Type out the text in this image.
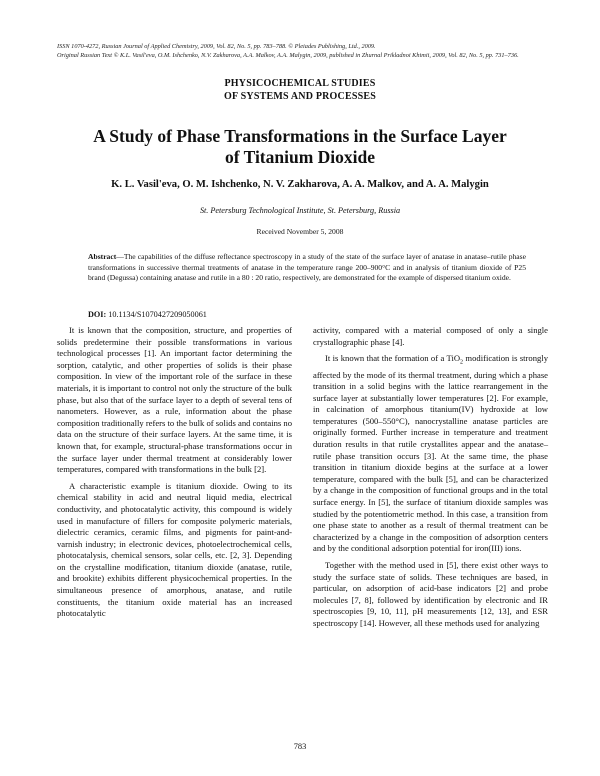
ISSN 1070-4272, Russian Journal of Applied Chemistry, 2009, Vol. 82, No. 5, pp. 783–788. © Pleiades Publishing, Ltd., 2009.
Original Russian Text © K.L. Vasil'eva, O.M. Ishchenko, N.V. Zakharova, A.A. Malkov, A.A. Malygin, 2009, published in Zhurnal Prikladnoi Khimii, 2009, Vol. 82, No. 5, pp. 731–736.
PHYSICOCHEMICAL STUDIES
OF SYSTEMS AND PROCESSES
A Study of Phase Transformations in the Surface Layer
of Titanium Dioxide
K. L. Vasil'eva, O. M. Ishchenko, N. V. Zakharova, A. A. Malkov, and A. A. Malygin
St. Petersburg Technological Institute, St. Petersburg, Russia
Received November 5, 2008
Abstract—The capabilities of the diffuse reflectance spectroscopy in a study of the state of the surface layer of anatase in anatase–rutile phase transformations in successive thermal treatments of anatase in the temperature range 200–900°C and in analysis of titanium dioxide of P25 brand (Degussa) containing anatase and rutile in a 80 : 20 ratio, respectively, are demonstrated for the example of dispersed titanium oxide.
DOI: 10.1134/S1070427209050061

It is known that the composition, structure, and properties of solids predetermine their possible transformations in various technological processes [1]. An important factor determining the sorption, catalytic, and other properties of solids is their phase composition. In view of the important role of the surface in these materials, it is important to control not only the structure of the bulk phase, but also that of the surface layer to a depth of several tens of nanometers. However, as a rule, information about the phase composition traditionally refers to the bulk of solids and contains no data on the structure of their surface layers. At the same time, it is known that, for example, structural-phase transformations occur in the surface layer under thermal treatment at considerably lower temperatures, compared with transformations in the bulk [2].

A characteristic example is titanium dioxide. Owing to its chemical stability in acid and neutral liquid media, electrical conductivity, and photocatalytic activity, this compound is widely used in manufacture of fillers for composite polymeric materials, dielectric ceramics, ceramic films, and pigments for paint-and-varnish industry; in electronic devices, photoelectrochemical cells, photocatalysis, chemical sensors, solar cells, etc. [2, 3]. Depending on the crystalline modification, titanium dioxide (anatase, rutile, and brookite) exhibits different physicochemical properties. In the simultaneous presence of amorphous, anatase, and rutile constituents, the titanium oxide material has an increased photocatalytic

activity, compared with a material composed of only a single crystallographic phase [4].

It is known that the formation of a TiO$_2$ modification is strongly affected by the mode of its thermal treatment, during which a phase transition in a solid begins with the lattice rearrangement in the surface layer at substantially lower temperatures [2]. For example, in calcination of amorphous titanium(IV) hydroxide at low temperatures (500–550°C), nanocrystalline anatase particles are originally formed. Further increase in temperature and treatment duration results in that rutile crystallites appear and the anatase–rutile phase transition occurs [3]. At the same time, the phase transition in titanium dioxide begins at the surface at a lower temperature, compared with the bulk [5], and can be characterized by a change in the composition of functional groups and in the total surface energy. In [5], the surface of titanium dioxide samples was studied by the potentiometric method. In this case, a transition from one phase state to another as a result of thermal treatment can be characterized by a change in the composition of adsorption centers and by the conditional adsorption potential for iron(III) ions.

Together with the method used in [5], there exist other ways to study the surface state of solids. These techniques are based, in particular, on adsorption of acid-base indicators [2] and probe molecules [7, 8], followed by identification by electronic and IR spectroscopies [9, 10, 11], pH measurements [12, 13], and ESR spectroscopy [14]. However, all these methods used for analyzing

783
